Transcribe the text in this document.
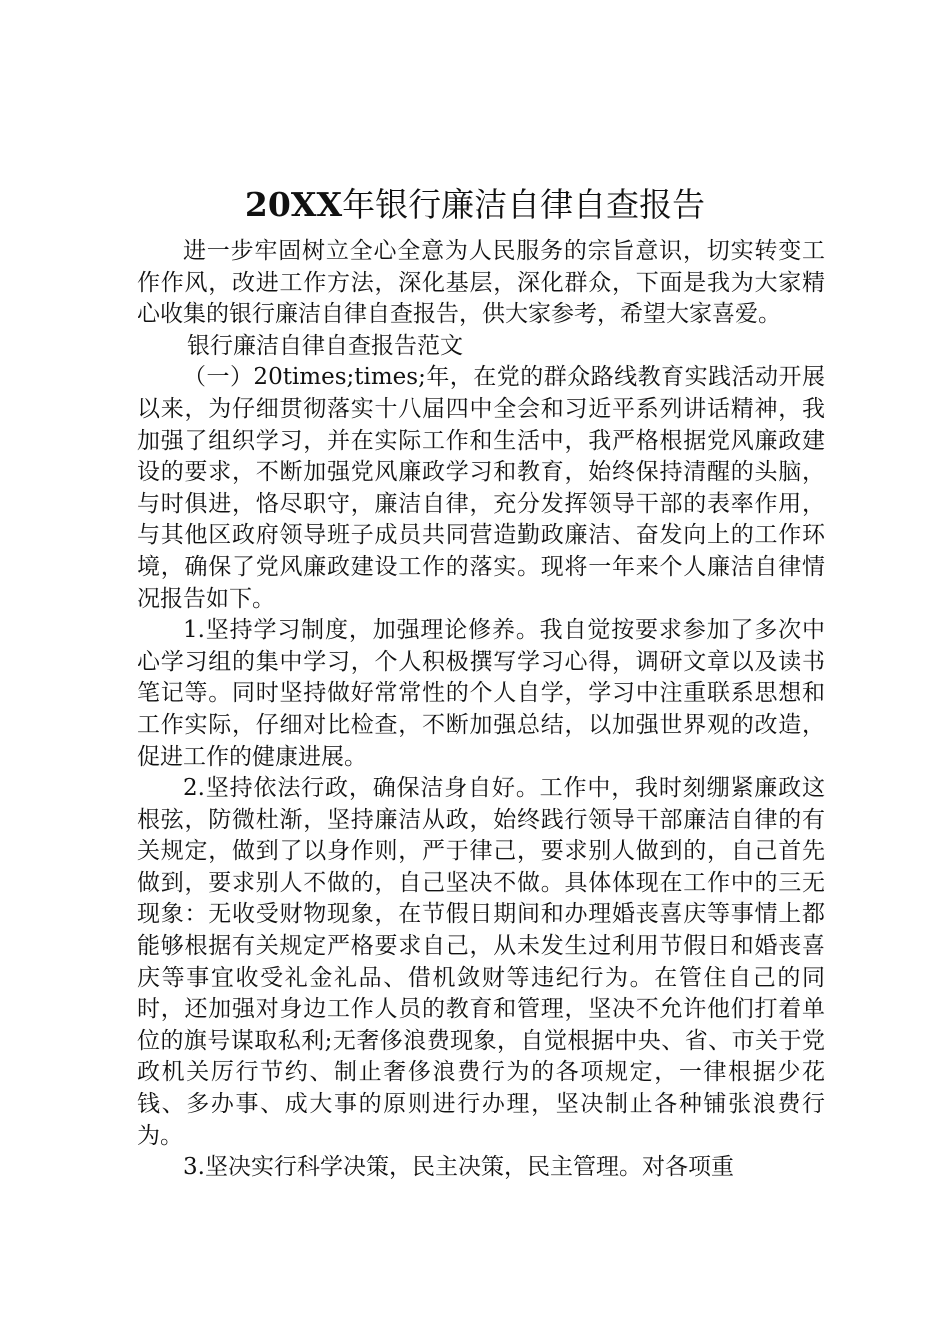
20XX年银行廉洁自律自查报告

进一步牢固树立全心全意为人民服务的宗旨意识，切实转变工作作风，改进工作方法，深化基层，深化群众，下面是我为大家精心收集的银行廉洁自律自查报告，供大家参考，希望大家喜爱。

银行廉洁自律自查报告范文

（一）20times;times;年，在党的群众路线教育实践活动开展以来，为仔细贯彻落实十八届四中全会和习近平系列讲话精神，我加强了组织学习，并在实际工作和生活中，我严格根据党风廉政建设的要求，不断加强党风廉政学习和教育，始终保持清醒的头脑，与时俱进，恪尽职守，廉洁自律，充分发挥领导干部的表率作用，与其他区政府领导班子成员共同营造勤政廉洁、奋发向上的工作环境，确保了党风廉政建设工作的落实。现将一年来个人廉洁自律情况报告如下。

1.坚持学习制度，加强理论修养。我自觉按要求参加了多次中心学习组的集中学习，个人积极撰写学习心得，调研文章以及读书笔记等。同时坚持做好常常性的个人自学，学习中注重联系思想和工作实际，仔细对比检查，不断加强总结，以加强世界观的改造，促进工作的健康进展。

2.坚持依法行政，确保洁身自好。工作中，我时刻绷紧廉政这根弦，防微杜渐，坚持廉洁从政，始终践行领导干部廉洁自律的有关规定，做到了以身作则，严于律己，要求别人做到的，自己首先做到，要求别人不做的，自己坚决不做。具体体现在工作中的三无现象：无收受财物现象，在节假日期间和办理婚丧喜庆等事情上都能够根据有关规定严格要求自己，从未发生过利用节假日和婚丧喜庆等事宜收受礼金礼品、借机敛财等违纪行为。在管住自己的同时，还加强对身边工作人员的教育和管理，坚决不允许他们打着单位的旗号谋取私利;无奢侈浪费现象，自觉根据中央、省、市关于党政机关厉行节约、制止奢侈浪费行为的各项规定，一律根据少花钱、多办事、成大事的原则进行办理，坚决制止各种铺张浪费行为。

3.坚决实行科学决策，民主决策，民主管理。对各项重
